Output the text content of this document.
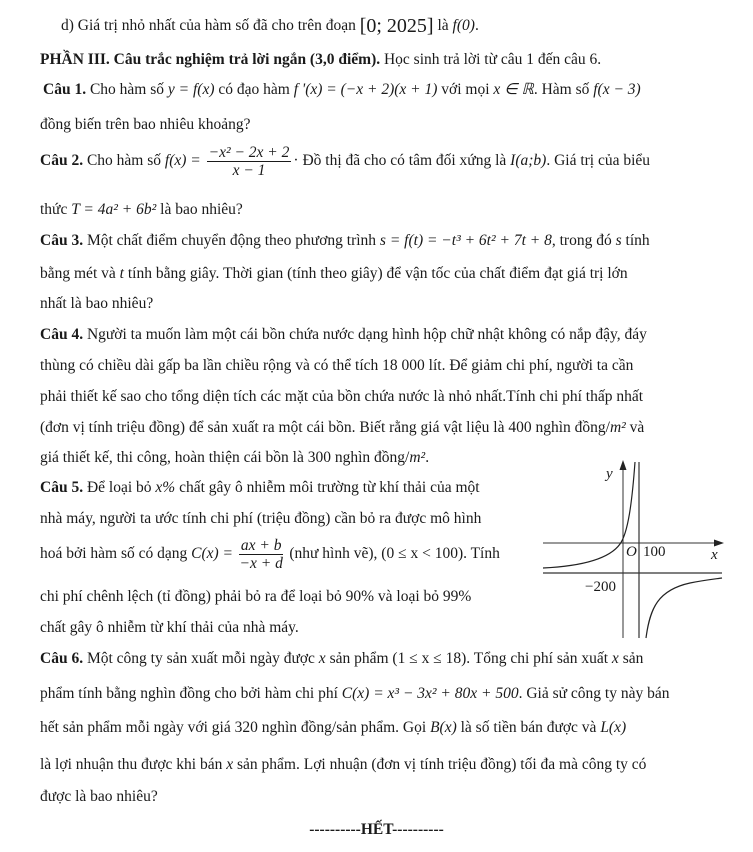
d) Giá trị nhỏ nhất của hàm số đã cho trên đoạn [0; 2025] là f(0).
PHẦN III. Câu trắc nghiệm trả lời ngắn (3,0 điểm). Học sinh trả lời từ câu 1 đến câu 6.
Câu 1. Cho hàm số y = f(x) có đạo hàm f '(x) = (−x + 2)(x + 1) với mọi x ∈ ℝ. Hàm số f(x − 3)
đồng biến trên bao nhiêu khoảng?
Câu 2. Cho hàm số $f(x) = \frac{\text{−x² − 2x + 2}}{x - 1}$ · Đồ thị đã cho có tâm đối xứng là I(a;b). Giá trị của biểu
thức T = 4a² + 6b² là bao nhiêu?
Câu 3. Một chất điểm chuyển động theo phương trình s = f(t) = −t³ + 6t² + 7t + 8, trong đó s tính
bằng mét và t tính bằng giây. Thời gian (tính theo giây) để vận tốc của chất điểm đạt giá trị lớn
nhất là bao nhiêu?
Câu 4. Người ta muốn làm một cái bồn chứa nước dạng hình hộp chữ nhật không có nắp đậy, đáy
thùng có chiều dài gấp ba lần chiều rộng và có thể tích 18 000 lít. Để giảm chi phí, người ta cần
phải thiết kế sao cho tổng diện tích các mặt của bồn chứa nước là nhỏ nhất.Tính chi phí thấp nhất
(đơn vị tính triệu đồng) để sản xuất ra một cái bồn. Biết rằng giá vật liệu là 400 nghìn đồng/m² và
giá thiết kế, thi công, hoàn thiện cái bồn là 300 nghìn đồng/m².
Câu 5. Để loại bỏ x% chất gây ô nhiễm môi trường từ khí thải của một
nhà máy, người ta ước tính chi phí (triệu đồng) cần bỏ ra được mô hình
hoá bởi hàm số có dạng $C(x) = \frac{ax + b}{-x + d}$ (như hình vẽ), (0 ≤ x < 100). Tính
chi phí chênh lệch (tỉ đồng) phải bỏ ra để loại bỏ 90% và loại bỏ 99%
chất gây ô nhiễm từ khí thải của nhà máy.
y
x
O 100
−200
Câu 6. Một công ty sản xuất mỗi ngày được x sản phẩm (1 ≤ x ≤ 18). Tổng chi phí sản xuất x sản
phẩm tính bằng nghìn đồng cho bởi hàm chi phí C(x) = x³ − 3x² + 80x + 500. Giả sử công ty này bán
hết sản phẩm mỗi ngày với giá 320 nghìn đồng/sản phẩm. Gọi B(x) là số tiền bán được và L(x)
là lợi nhuận thu được khi bán x sản phẩm. Lợi nhuận (đơn vị tính triệu đồng) tối đa mà công ty có
được là bao nhiêu?
----------HẾT----------
